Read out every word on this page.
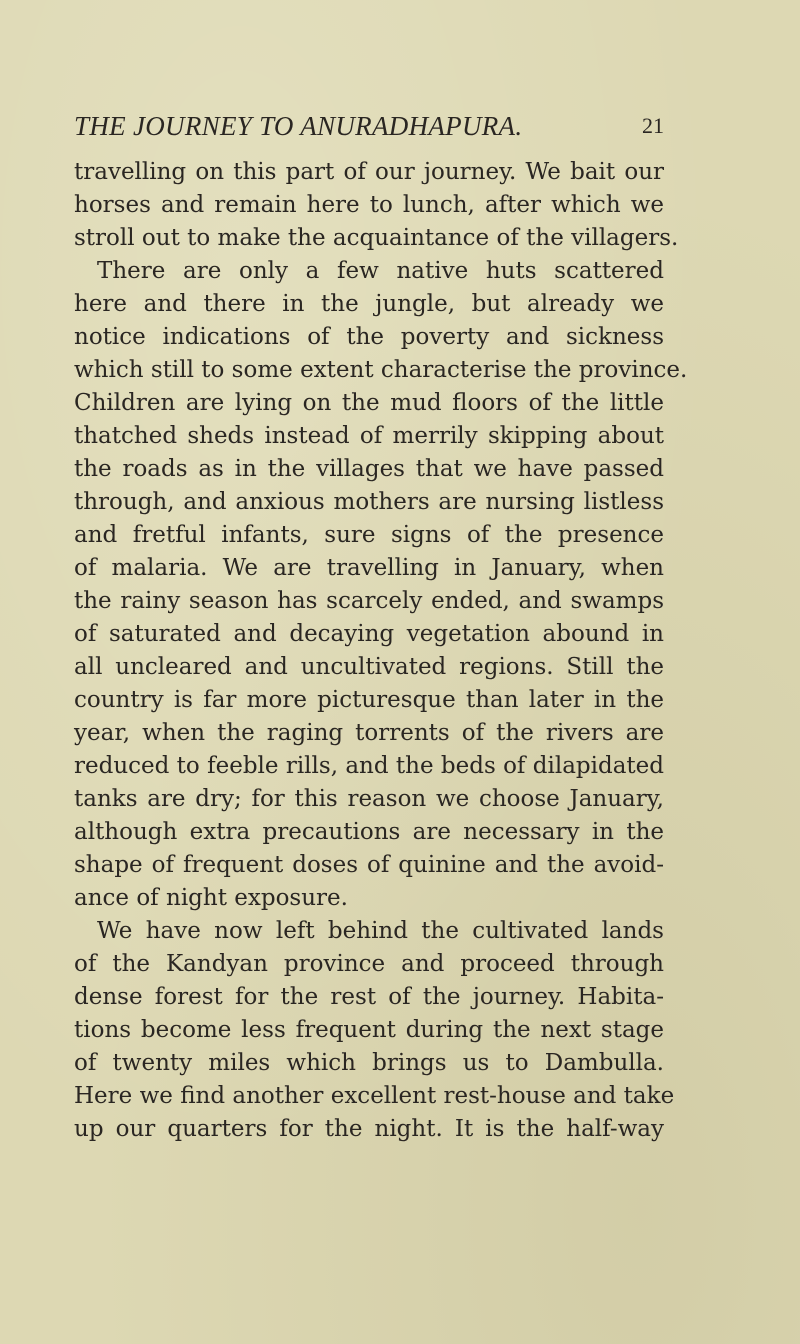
THE JOURNEY TO ANURADHAPURA.	21
travelling on this part of our journey. We bait our
horses and remain here to lunch, after which we
stroll out to make the acquaintance of the villagers.
There are only a few native huts scattered
here and there in the jungle, but already we
notice indications of the poverty and sickness
which still to some extent characterise the province.
Children are lying on the mud floors of the little
thatched sheds instead of merrily skipping about
the roads as in the villages that we have passed
through, and anxious mothers are nursing listless
and fretful infants, sure signs of the presence
of malaria. We are travelling in January, when
the rainy season has scarcely ended, and swamps
of saturated and decaying vegetation abound in
all uncleared and uncultivated regions. Still the
country is far more picturesque than later in the
year, when the raging torrents of the rivers are
reduced to feeble rills, and the beds of dilapidated
tanks are dry; for this reason we choose January,
although extra precautions are necessary in the
shape of frequent doses of quinine and the avoid-
ance of night exposure.
We have now left behind the cultivated lands
of the Kandyan province and proceed through
dense forest for the rest of the journey. Habita-
tions become less frequent during the next stage
of twenty miles which brings us to Dambulla.
Here we find another excellent rest-house and take
up our quarters for the night. It is the half-way
